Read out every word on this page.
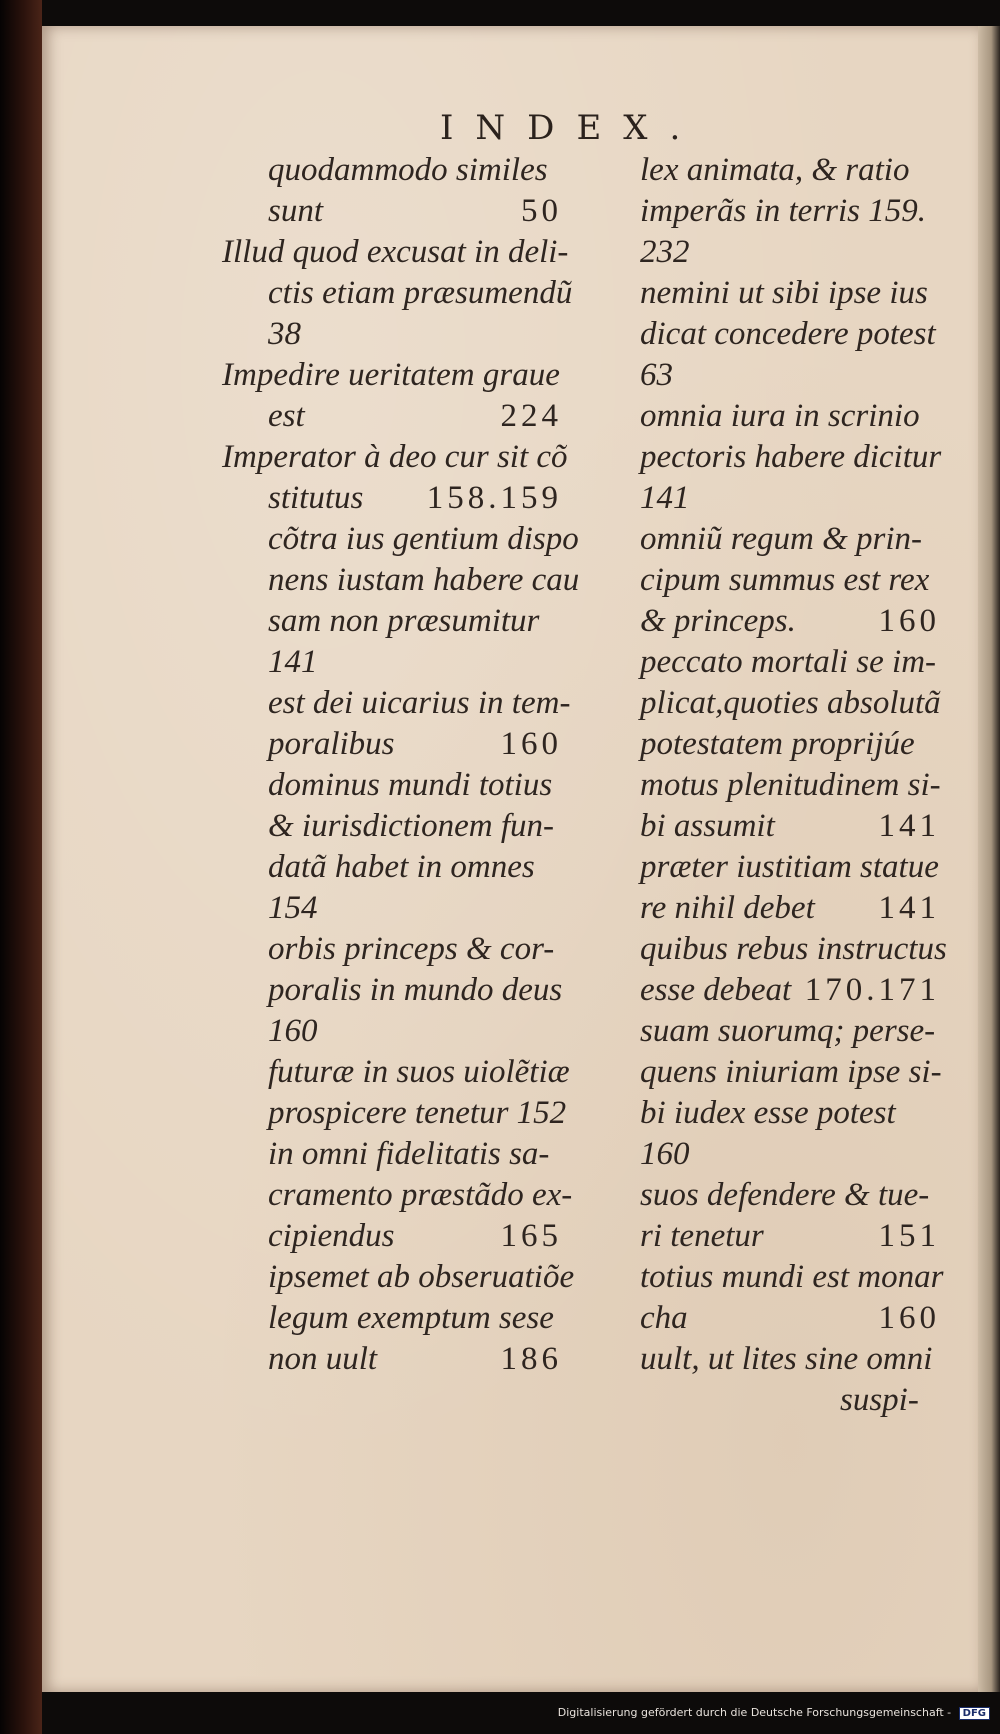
INDEX.
quodammodo similes
sunt	50
Illud quod excusat in deli-
ctis etiam præsumendũ
38
Impedire ueritatem graue
est	224
Imperator à deo cur sit cõ
stitutus 158.159
cõtra ius gentium dispo
nens iustam habere cau
sam non præsumitur
141
est dei uicarius in tem-
poralibus	160
dominus mundi totius
& iurisdictionem fun-
datã habet in omnes
154
orbis princeps & cor-
poralis in mundo deus
160
futuræ in suos uiolẽtiæ
prospicere tenetur 152
in omni fidelitatis sa-
cramento præstãdo ex-
cipiendus	165
ipsemet ab obseruatiõe
legum exemptum sese
non uult	186
lex animata, & ratio
imperãs in terris 159.
232
nemini ut sibi ipse ius
dicat concedere potest
63
omnia iura in scrinio
pectoris habere dicitur
141
omniũ regum & prin-
cipum summus est rex
& princeps.	160
peccato mortali se im-
plicat,quoties absolutã
potestatem proprijúe
motus plenitudinem si-
bi assumit	141
præter iustitiam statue
re nihil debet 141
quibus rebus instructus
esse debeat 170.171
suam suorumq; perse-
quens iniuriam ipse si-
bi iudex esse potest
160
suos defendere & tue-
ri tenetur	151
totius mundi est monar
cha	160
uult, ut lites sine omni
suspi-
Digitalisierung gefördert durch die Deutsche Forschungsgemeinschaft - DFG
